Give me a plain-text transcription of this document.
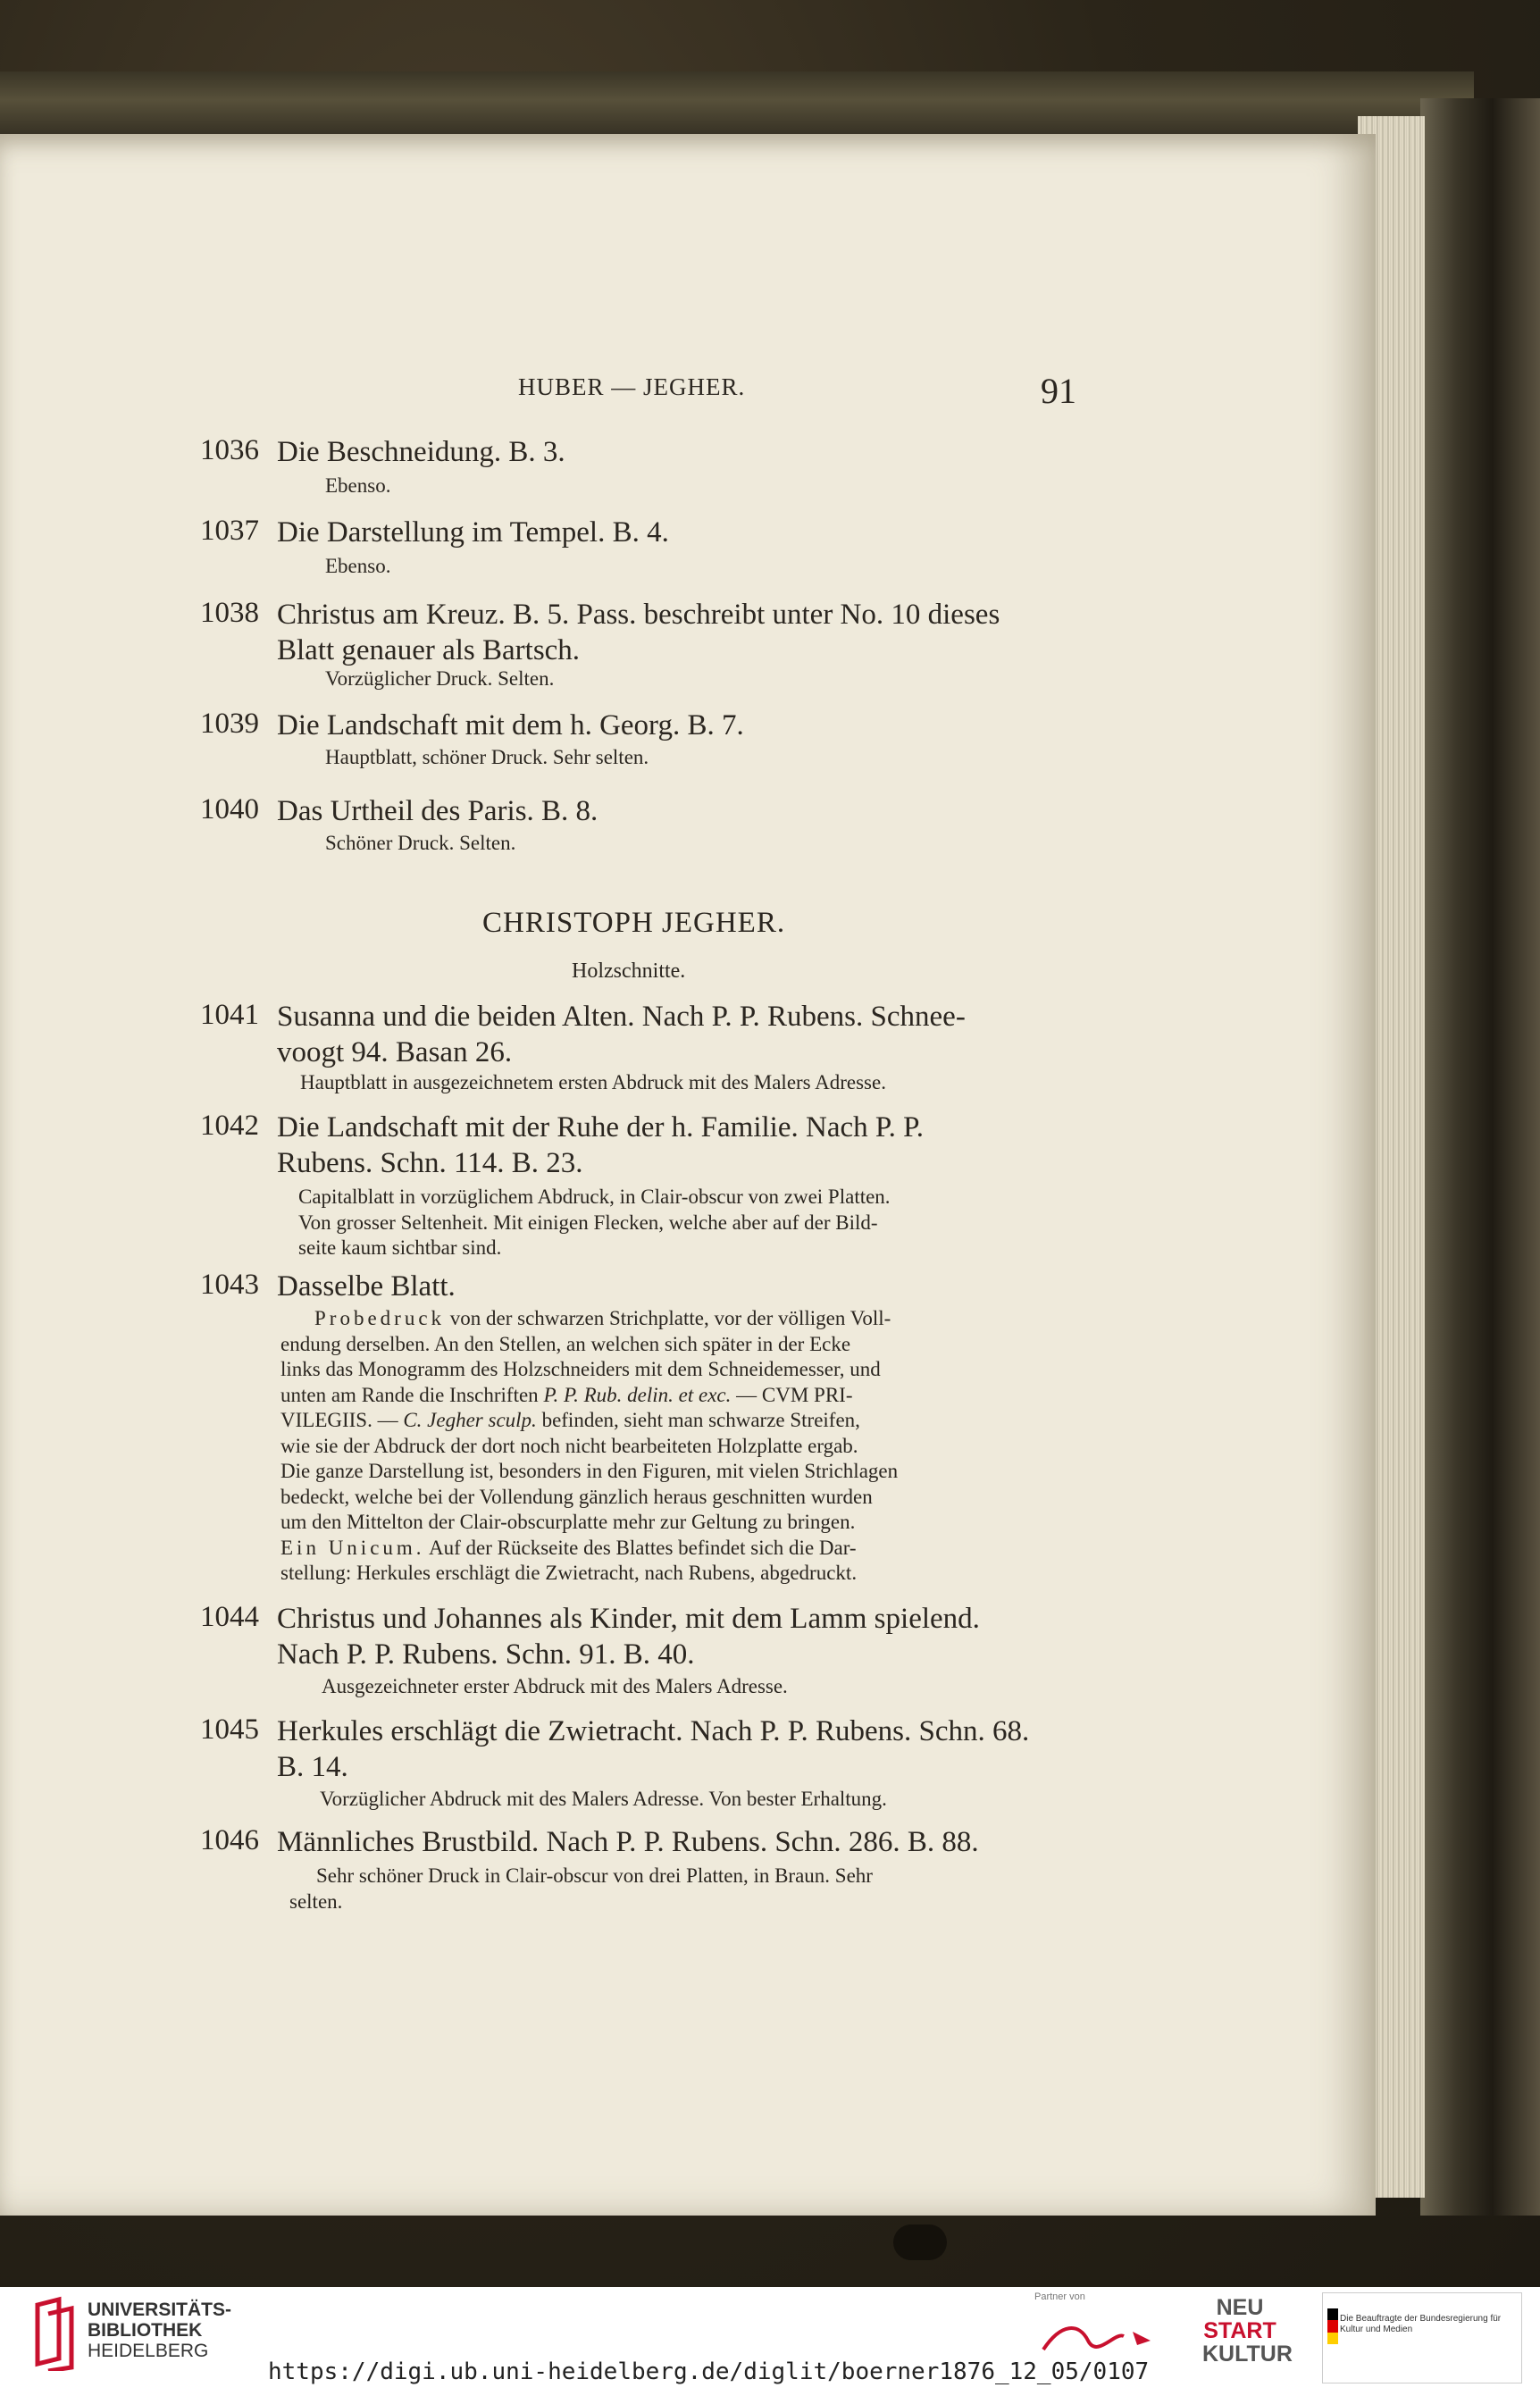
HUBER — JEGHER.	91
1036 Die Beschneidung. B. 3.
Ebenso.
1037 Die Darstellung im Tempel. B. 4.
Ebenso.
1038 Christus am Kreuz. B. 5. Pass. beschreibt unter No. 10 dieses
Blatt genauer als Bartsch.
Vorzüglicher Druck. Selten.
1039 Die Landschaft mit dem h. Georg. B. 7.
Hauptblatt, schöner Druck. Sehr selten.
1040 Das Urtheil des Paris. B. 8.
Schöner Druck. Selten.
CHRISTOPH JEGHER.
Holzschnitte.
1041 Susanna und die beiden Alten. Nach P. P. Rubens. Schnee-
voogt 94. Basan 26.
Hauptblatt in ausgezeichnetem ersten Abdruck mit des Malers Adresse.
1042 Die Landschaft mit der Ruhe der h. Familie. Nach P. P.
Rubens. Schn. 114. B. 23.
Capitalblatt in vorzüglichem Abdruck, in Clair-obscur von zwei Platten.
Von grosser Seltenheit. Mit einigen Flecken, welche aber auf der Bild-
seite kaum sichtbar sind.
1043 Dasselbe Blatt.
Probedruck von der schwarzen Strichplatte, vor der völligen Voll-
endung derselben. An den Stellen, an welchen sich später in der Ecke
links das Monogramm des Holzschneiders mit dem Schneidemesser, und
unten am Rande die Inschriften P. P. Rub. delin. et exc. — CVM PRI-
VILEGIIS. — C. Jegher sculp. befinden, sieht man schwarze Streifen,
wie sie der Abdruck der dort noch nicht bearbeiteten Holzplatte ergab.
Die ganze Darstellung ist, besonders in den Figuren, mit vielen Strichlagen
bedeckt, welche bei der Vollendung gänzlich heraus geschnitten wurden
um den Mittelton der Clair-obscurplatte mehr zur Geltung zu bringen.
Ein Unicum. Auf der Rückseite des Blattes befindet sich die Dar-
stellung: Herkules erschlägt die Zwietracht, nach Rubens, abgedruckt.
1044 Christus und Johannes als Kinder, mit dem Lamm spielend.
Nach P. P. Rubens. Schn. 91. B. 40.
Ausgezeichneter erster Abdruck mit des Malers Adresse.
1045 Herkules erschlägt die Zwietracht. Nach P. P. Rubens. Schn. 68.
B. 14.
Vorzüglicher Abdruck mit des Malers Adresse. Von bester Erhaltung.
1046 Männliches Brustbild. Nach P. P. Rubens. Schn. 286. B. 88.
Sehr schöner Druck in Clair-obscur von drei Platten, in Braun. Sehr
selten.
UNIVERSITÄTS-
BIBLIOTHEK
HEIDELBERG
https://digi.ub.uni-heidelberg.de/diglit/boerner1876_12_05/0107
Partner von	NEU
START
KULTUR
Die Beauftragte der Bundesregierung für Kultur und Medien
